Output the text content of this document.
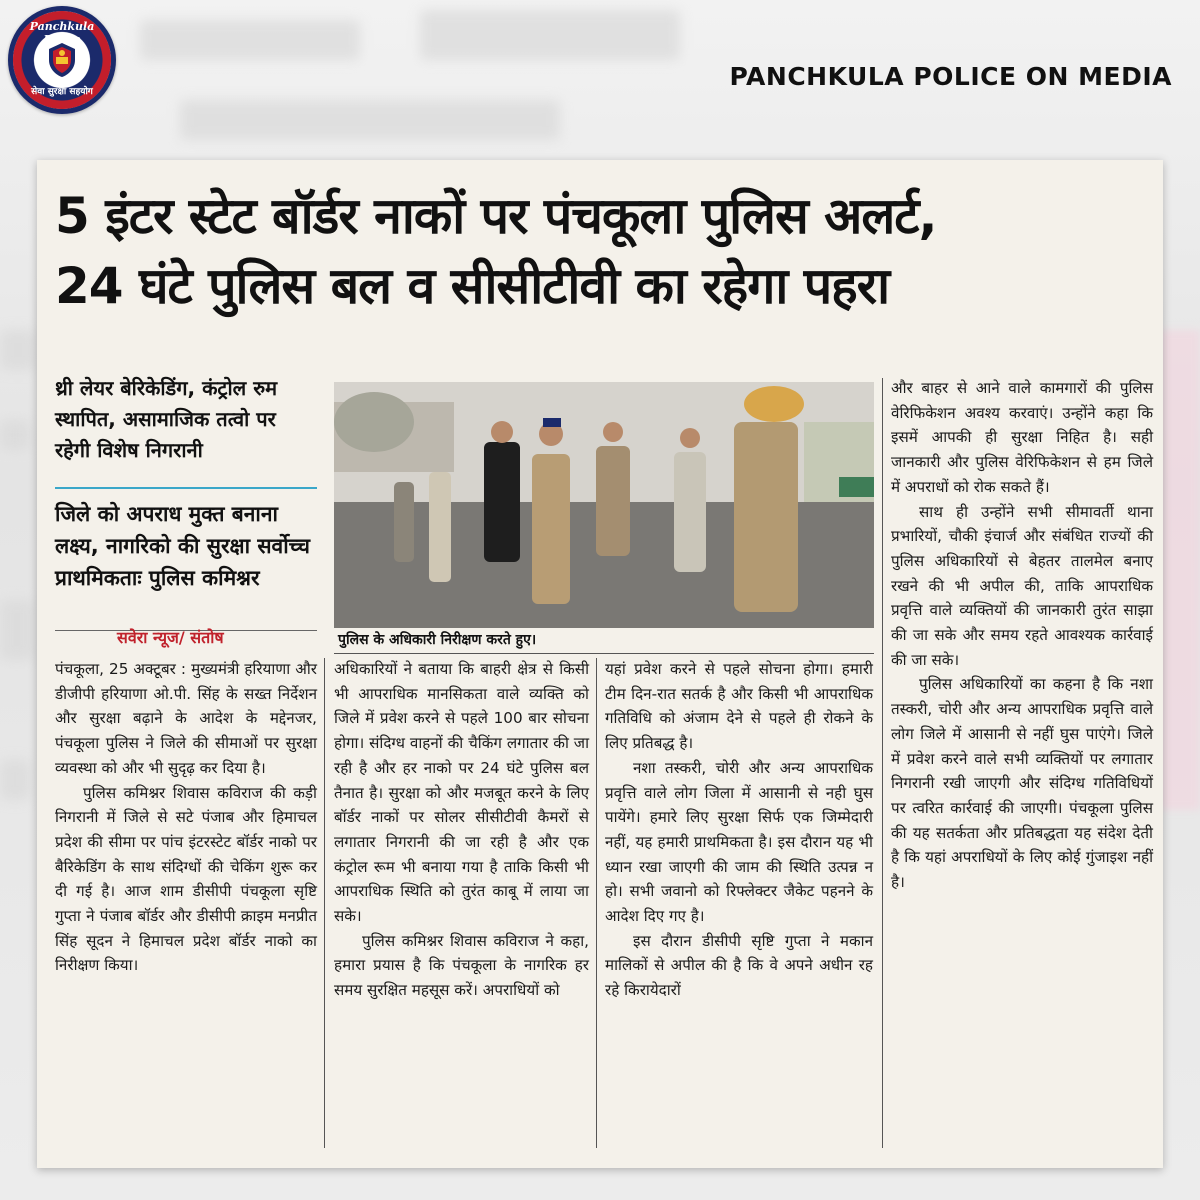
Panchkula Police
सेवा सुरक्षा सहयोग
PANCHKULA POLICE ON MEDIA
5 इंटर स्टेट बॉर्डर नाकों पर पंचकूला पुलिस अलर्ट,
24 घंटे पुलिस बल व सीसीटीवी का रहेगा पहरा
थ्री लेयर बेरिकेडिंग, कंट्रोल रुम स्थापित, असामाजिक तत्वो पर रहेगी विशेष निगरानी
जिले को अपराध मुक्त बनाना लक्ष्य, नागरिको की सुरक्षा सर्वोच्च प्राथमिकताः पुलिस कमिश्नर
सवेरा न्यूज/ संतोष	पुलिस के अधिकारी निरीक्षण करते हुए।

पंचकूला, 25 अक्टूबर : मुख्यमंत्री हरियाणा और डीजीपी हरियाणा ओ.पी. सिंह के सख्त निर्देशन और सुरक्षा बढ़ाने के आदेश के मद्देनजर, पंचकूला पुलिस ने जिले की सीमाओं पर सुरक्षा व्यवस्था को और भी सुदृढ़ कर दिया है।

पुलिस कमिश्नर शिवास कविराज की कड़ी निगरानी में जिले से सटे पंजाब और हिमाचल प्रदेश की सीमा पर पांच इंटरस्टेट बॉर्डर नाको पर बैरिकेडिंग के साथ संदिग्धों की चेकिंग शुरू कर दी गई है। आज शाम डीसीपी पंचकूला सृष्टि गुप्ता ने पंजाब बॉर्डर और डीसीपी क्राइम मनप्रीत सिंह सूदन ने हिमाचल प्रदेश बॉर्डर नाको का निरीक्षण किया।

अधिकारियों ने बताया कि बाहरी क्षेत्र से किसी भी आपराधिक मानसिकता वाले व्यक्ति को जिले में प्रवेश करने से पहले 100 बार सोचना होगा। संदिग्ध वाहनों की चैकिंग लगातार की जा रही है और हर नाको पर 24 घंटे पुलिस बल तैनात है। सुरक्षा को और मजबूत करने के लिए बॉर्डर नाकों पर सोलर सीसीटीवी कैमरों से लगातार निगरानी की जा रही है और एक कंट्रोल रूम भी बनाया गया है ताकि किसी भी आपराधिक स्थिति को तुरंत काबू में लाया जा सके।

पुलिस कमिश्नर शिवास कविराज ने कहा, हमारा प्रयास है कि पंचकूला के नागरिक हर समय सुरक्षित महसूस करें। अपराधियों को

यहां प्रवेश करने से पहले सोचना होगा। हमारी टीम दिन-रात सतर्क है और किसी भी आपराधिक गतिविधि को अंजाम देने से पहले ही रोकने के लिए प्रतिबद्ध है।

नशा तस्करी, चोरी और अन्य आपराधिक प्रवृत्ति वाले लोग जिला में आसानी से नही घुस पायेंगे। हमारे लिए सुरक्षा सिर्फ एक जिम्मेदारी नहीं, यह हमारी प्राथमिकता है। इस दौरान यह भी ध्यान रखा जाएगी की जाम की स्थिति उत्पन्न न हो। सभी जवानो को रिफ्लेक्टर जैकेट पहनने के आदेश दिए गए है।

इस दौरान डीसीपी सृष्टि गुप्ता ने मकान मालिकों से अपील की है कि वे अपने अधीन रह रहे किरायेदारों

और बाहर से आने वाले कामगारों की पुलिस वेरिफिकेशन अवश्य करवाएं। उन्होंने कहा कि इसमें आपकी ही सुरक्षा निहित है। सही जानकारी और पुलिस वेरिफिकेशन से हम जिले में अपराधों को रोक सकते हैं।

साथ ही उन्होंने सभी सीमावर्ती थाना प्रभारियों, चौकी इंचार्ज और संबंधित राज्यों की पुलिस अधिकारियों से बेहतर तालमेल बनाए रखने की भी अपील की, ताकि आपराधिक प्रवृत्ति वाले व्यक्तियों की जानकारी तुरंत साझा की जा सके और समय रहते आवश्यक कार्रवाई की जा सके।

पुलिस अधिकारियों का कहना है कि नशा तस्करी, चोरी और अन्य आपराधिक प्रवृत्ति वाले लोग जिले में आसानी से नहीं घुस पाएंगे। जिले में प्रवेश करने वाले सभी व्यक्तियों पर लगातार निगरानी रखी जाएगी और संदिग्ध गतिविधियों पर त्वरित कार्रवाई की जाएगी। पंचकूला पुलिस की यह सतर्कता और प्रतिबद्धता यह संदेश देती है कि यहां अपराधियों के लिए कोई गुंजाइश नहीं है।
